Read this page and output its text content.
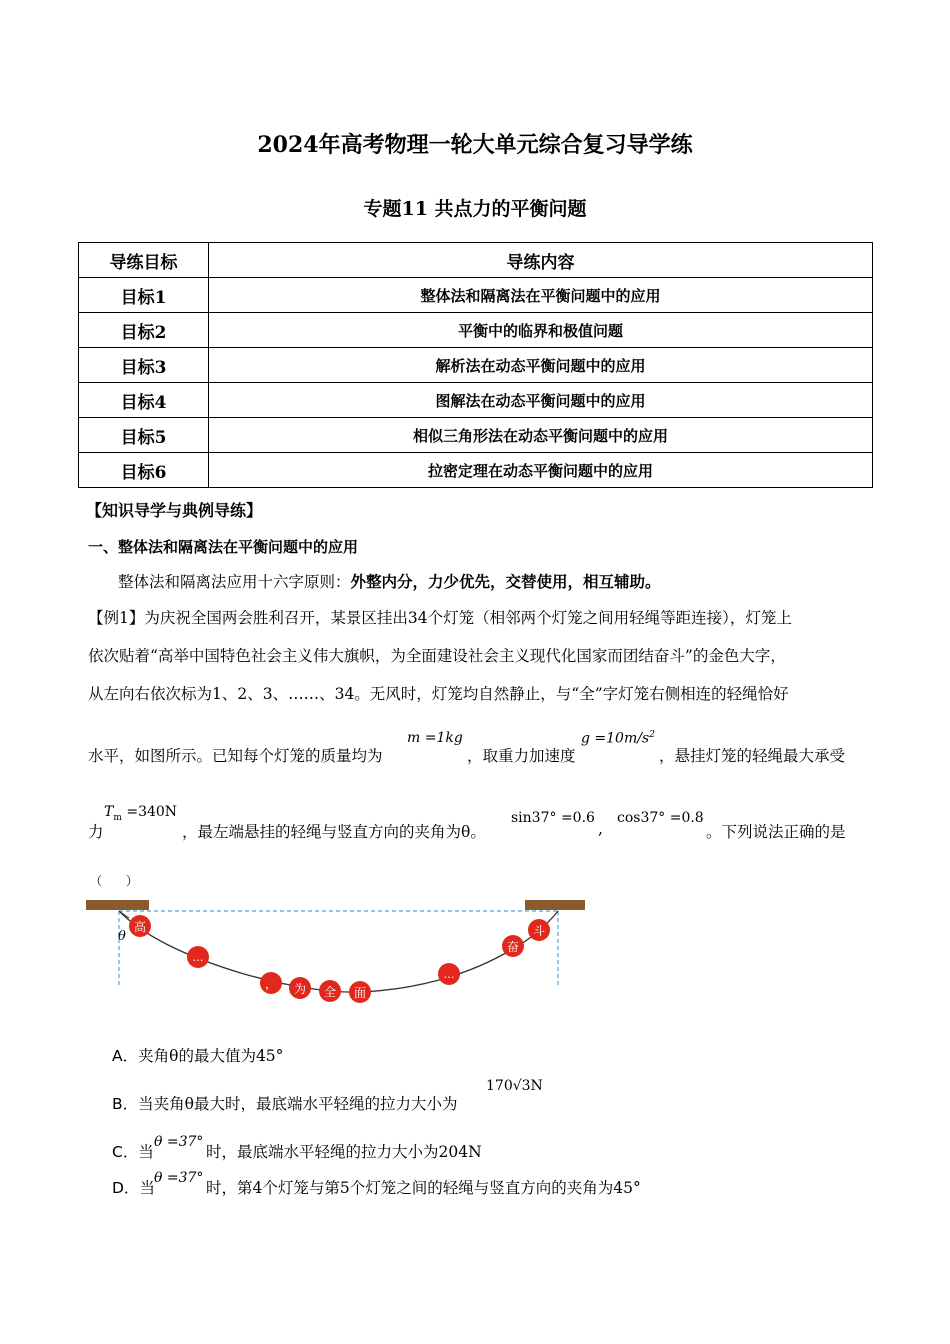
2024年高考物理一轮大单元综合复习导学练
专题11 共点力的平衡问题
导练目标	导练内容
目标1	整体法和隔离法在平衡问题中的应用
目标2	平衡中的临界和极值问题
目标3	解析法在动态平衡问题中的应用
目标4	图解法在动态平衡问题中的应用
目标5	相似三角形法在动态平衡问题中的应用
目标6	拉密定理在动态平衡问题中的应用
【知识导学与典例导练】
一、整体法和隔离法在平衡问题中的应用
整体法和隔离法应用十六字原则：外整内分，力少优先，交替使用，相互辅助。
【例1】为庆祝全国两会胜利召开，某景区挂出34个灯笼（相邻两个灯笼之间用轻绳等距连接），灯笼上
依次贴着“高举中国特色社会主义伟大旗帜，为全面建设社会主义现代化国家而团结奋斗”的金色大字，
从左向右依次标为1、2、3、……、34。无风时，灯笼均自然静止，与“全”字灯笼右侧相连的轻绳恰好
水平，如图所示。已知每个灯笼的质量均为
m =1kg
，取重力加速度
$g =10m/s^2$
，悬挂灯笼的轻绳最大承受
力
$T_m =340N$
，最左端悬挂的轻绳与竖直方向的夹角为θ。
sin37° =0.6
,
cos37° =0.8
。下列说法正确的是
（　　）
θ
高
…
， 为 全 面
…
奋
斗
A．夹角θ的最大值为45°
B．当夹角θ最大时，最底端水平轻绳的拉力大小为
170√3N
C．当
θ =37°
时，最底端水平轻绳的拉力大小为204N
D．当
θ =37°
时，第4个灯笼与第5个灯笼之间的轻绳与竖直方向的夹角为45°
